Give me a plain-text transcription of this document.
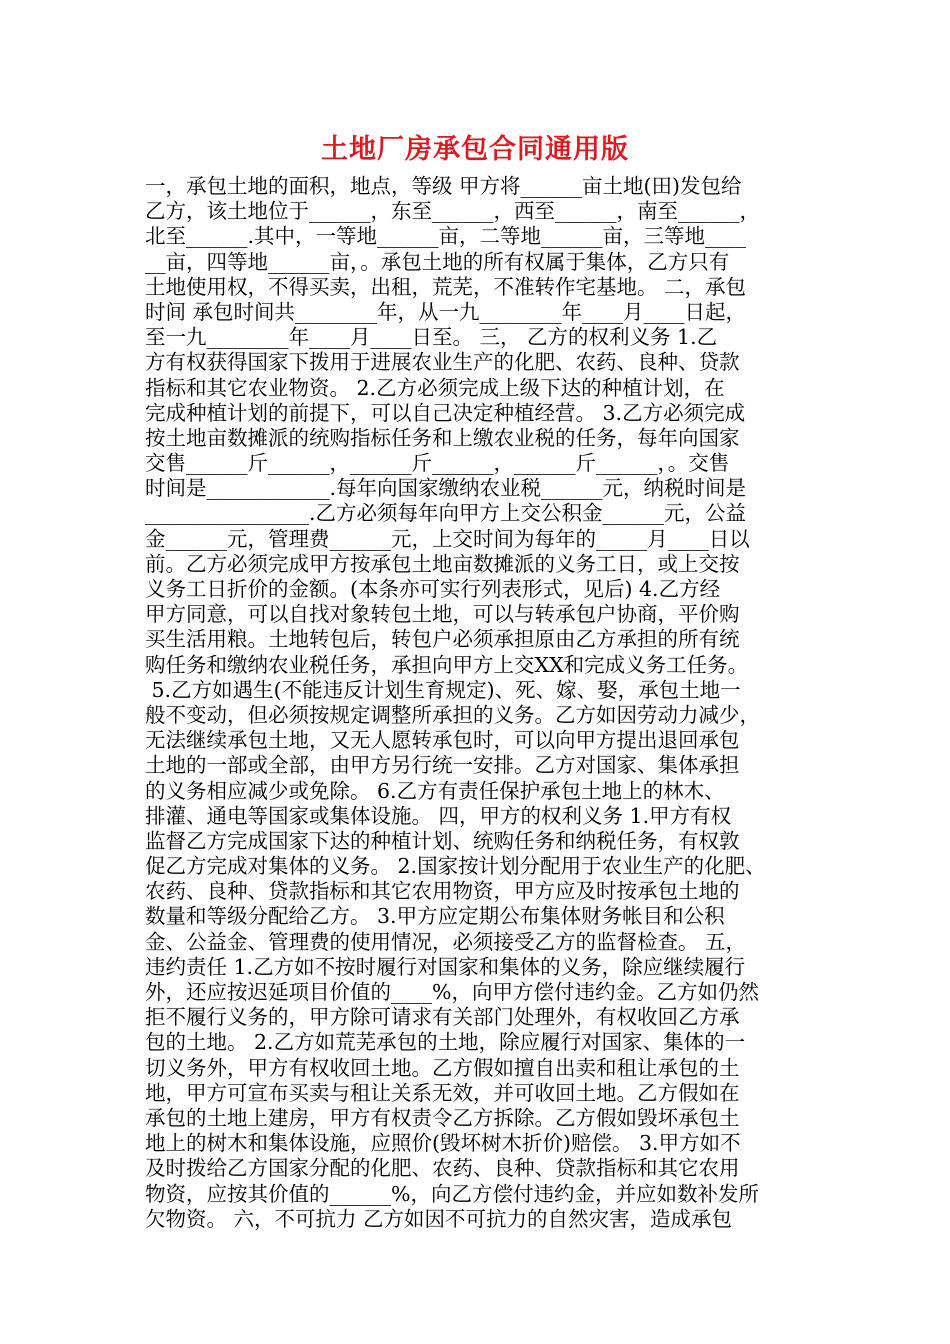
土地厂房承包合同通用版
一，承包土地的面积，地点，等级 甲方将______亩土地(田)发包给
乙方，该土地位于______，东至______，西至______，南至______，
北至______.其中，一等地______亩，二等地______亩，三等地____
__亩，四等地______亩，。承包土地的所有权属于集体，乙方只有
土地使用权，不得买卖，出租，荒芜，不准转作宅基地。 二，承包
时间 承包时间共________年，从一九________年____月____日起，
至一九________年____月____日至。 三， 乙方的权利义务 1.乙
方有权获得国家下拨用于进展农业生产的化肥、农药、良种、贷款
指标和其它农业物资。 2.乙方必须完成上级下达的种植计划，在
完成种植计划的前提下，可以自己决定种植经营。 3.乙方必须完成
按土地亩数摊派的统购指标任务和上缴农业税的任务，每年向国家
交售______斤______，______斤______，______斤______，。交售
时间是____________.每年向国家缴纳农业税______元，纳税时间是
________________.乙方必须每年向甲方上交公积金______元，公益
金______元，管理费______元，上交时间为每年的_____月____日以
前。乙方必须完成甲方按承包土地亩数摊派的义务工日，或上交按
义务工日折价的金额。(本条亦可实行列表形式，见后) 4.乙方经
甲方同意，可以自找对象转包土地，可以与转承包户协商，平价购
买生活用粮。土地转包后，转包户必须承担原由乙方承担的所有统
购任务和缴纳农业税任务，承担向甲方上交XX和完成义务工任务。
5.乙方如遇生(不能违反计划生育规定)、死、嫁、娶，承包土地一
般不变动，但必须按规定调整所承担的义务。乙方如因劳动力减少，
无法继续承包土地，又无人愿转承包时，可以向甲方提出退回承包
土地的一部或全部，由甲方另行统一安排。乙方对国家、集体承担
的义务相应减少或免除。 6.乙方有责任保护承包土地上的林木、
排灌、通电等国家或集体设施。 四，甲方的权利义务 1.甲方有权
监督乙方完成国家下达的种植计划、统购任务和纳税任务，有权敦
促乙方完成对集体的义务。 2.国家按计划分配用于农业生产的化肥、
农药、良种、贷款指标和其它农用物资，甲方应及时按承包土地的
数量和等级分配给乙方。 3.甲方应定期公布集体财务帐目和公积
金、公益金、管理费的使用情况，必须接受乙方的监督检查。 五，
违约责任 1.乙方如不按时履行对国家和集体的义务，除应继续履行
外，还应按迟延项目价值的____%，向甲方偿付违约金。乙方如仍然
拒不履行义务的，甲方除可请求有关部门处理外，有权收回乙方承
包的土地。 2.乙方如荒芜承包的土地，除应履行对国家、集体的一
切义务外，甲方有权收回土地。乙方假如擅自出卖和租让承包的土
地，甲方可宣布买卖与租让关系无效，并可收回土地。乙方假如在
承包的土地上建房，甲方有权责令乙方拆除。乙方假如毁坏承包土
地上的树木和集体设施，应照价(毁坏树木折价)赔偿。 3.甲方如不
及时拨给乙方国家分配的化肥、农药、良种、贷款指标和其它农用
物资，应按其价值的______%，向乙方偿付违约金，并应如数补发所
欠物资。 六，不可抗力 乙方如因不可抗力的自然灾害，造成承包
